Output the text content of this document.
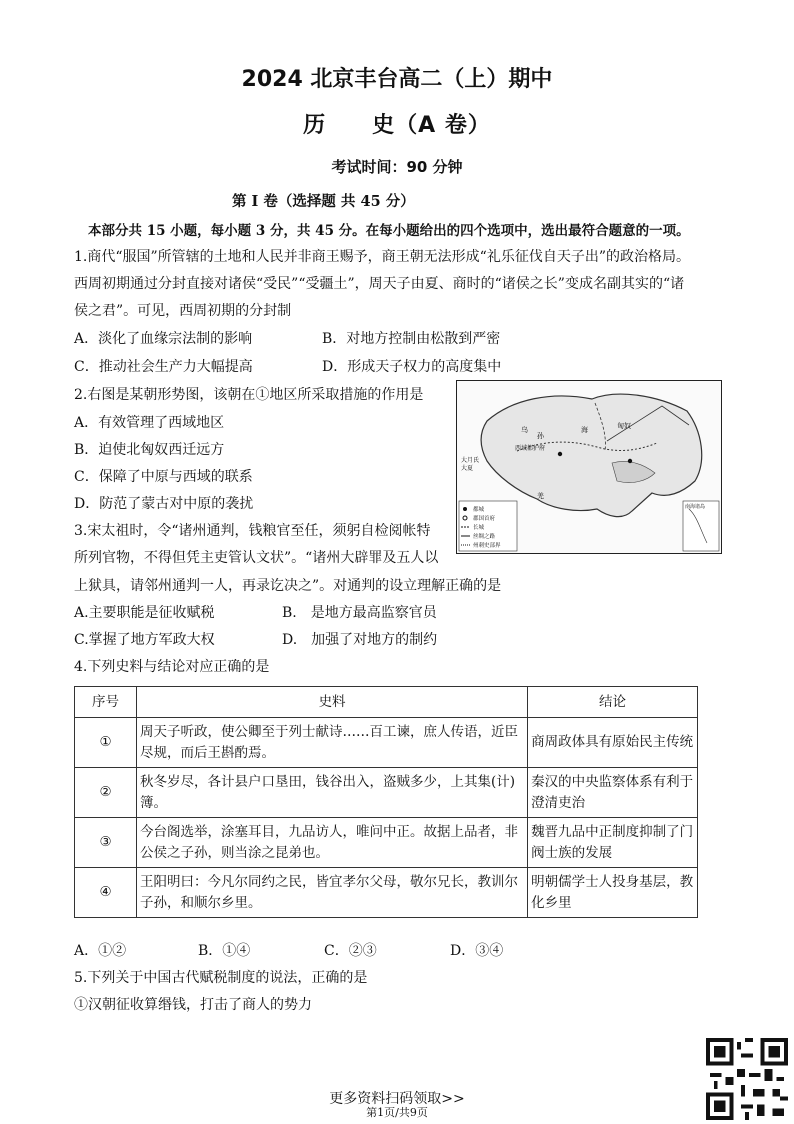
2024 北京丰台高二（上）期中
历　　史（A 卷）
考试时间：90 分钟
第 I 卷（选择题 共 45 分）
本部分共 15 小题，每小题 3 分，共 45 分。在每小题给出的四个选项中，选出最符合题意的一项。
1.商代“服国”所管辖的土地和人民并非商王赐予，商王朝无法形成“礼乐征伐自天子出”的政治格局。
西周初期通过分封直接对诸侯“受民”“受疆土”，周天子由夏、商时的“诸侯之长”变成名副其实的“诸
侯之君”。可见，西周初期的分封制
A．淡化了血缘宗法制的影响	B．对地方控制由松散到严密
C．推动社会生产力大幅提高	D．形成天子权力的高度集中
2.右图是某朝形势图，该朝在①地区所采取措施的作用是
A．有效管理了西域地区
B．迫使北匈奴西迁远方
C．保障了中原与西域的联系
D．防范了蒙古对中原的袭扰
乌
孙
西域都护府
大月氏
大夏
海	匈奴
羌
都城
郡国首府
长城
丝绸之路
州刺史部界
南海诸岛
3.宋太祖时，令“诸州通判，钱粮官至任，须躬自检阅帐特
所列官物，不得但凭主吏管认文状”。“诸州大辟罪及五人以
上狱具，请邻州通判一人，再录讫决之”。对通判的设立理解正确的是
A.主要职能是征收赋税	B.　是地方最高监察官员
C.掌握了地方军政大权	D.　加强了对地方的制约
4.下列史料与结论对应正确的是
序号	史料	结论
①	周天子听政，使公卿至于列士献诗……百工谏，庶人传语，近臣尽规，而后王斟酌焉。	商周政体具有原始民主传统
②	秋冬岁尽，各计县户口垦田，钱谷出入，盗贼多少，上其集(计)簿。	秦汉的中央监察体系有利于澄清吏治
③	今台阁选举，涂塞耳目，九品访人，唯问中正。故据上品者，非公侯之子孙，则当涂之昆弟也。	魏晋九品中正制度抑制了门阀士族的发展
④	王阳明曰：今凡尔同约之民，皆宜孝尔父母，敬尔兄长，教训尔子孙，和顺尔乡里。	明朝儒学士人投身基层，教化乡里
A．①②	B．①④	C．②③	D．③④
5.下列关于中国古代赋税制度的说法，正确的是
①汉朝征收算缗钱，打击了商人的势力
更多资料扫码领取>>
第1页/共9页
